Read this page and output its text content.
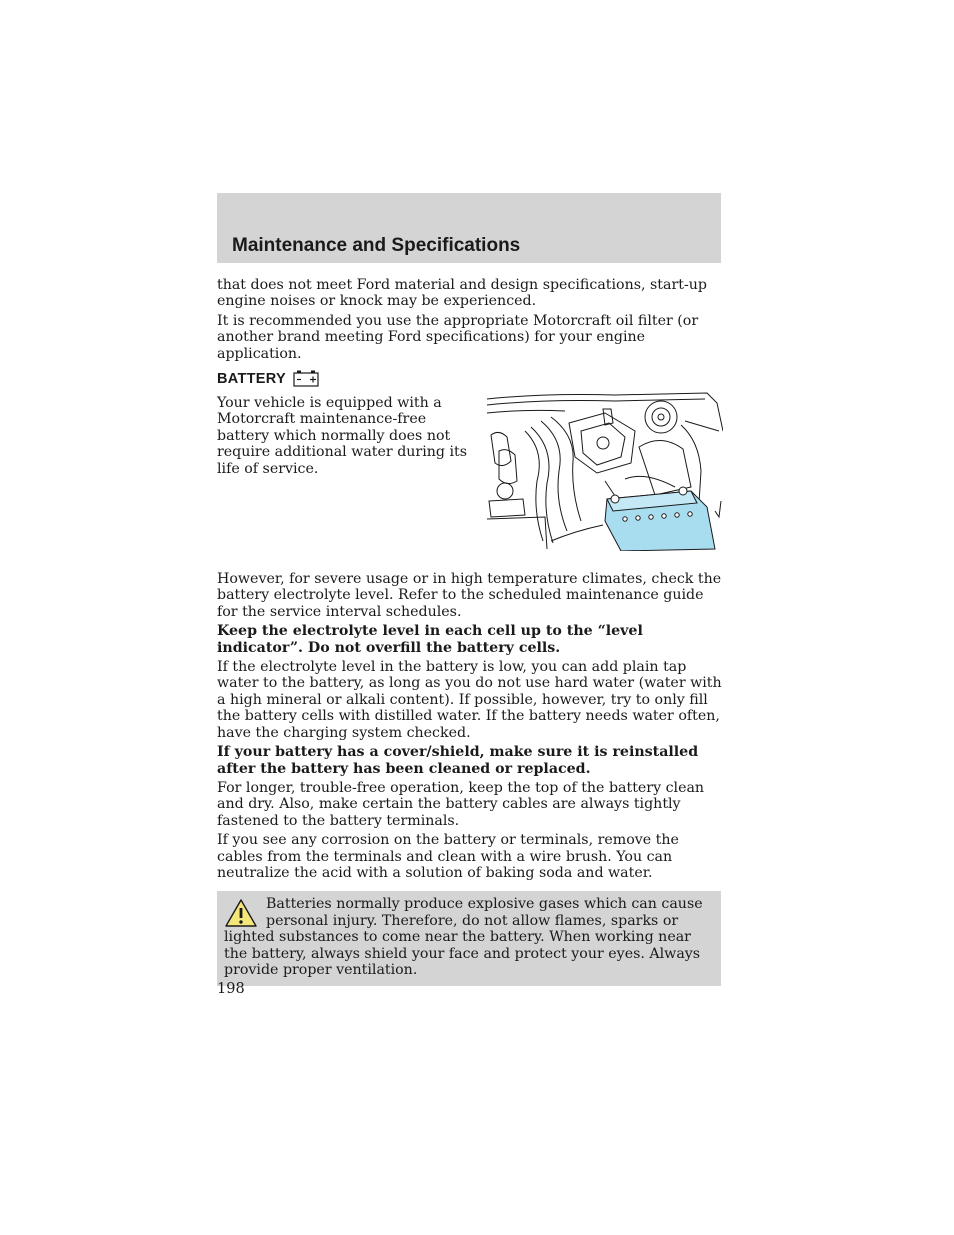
Maintenance and Specifications

that does not meet Ford material and design specifications, start-up engine noises or knock may be experienced.

It is recommended you use the appropriate Motorcraft oil filter (or another brand meeting Ford specifications) for your engine application.

BATTERY

Your vehicle is equipped with a Motorcraft maintenance-free battery which normally does not require additional water during its life of service.

However, for severe usage or in high temperature climates, check the battery electrolyte level. Refer to the scheduled maintenance guide for the service interval schedules.

Keep the electrolyte level in each cell up to the “level indicator”. Do not overfill the battery cells.

If the electrolyte level in the battery is low, you can add plain tap water to the battery, as long as you do not use hard water (water with a high mineral or alkali content). If possible, however, try to only fill the battery cells with distilled water. If the battery needs water often, have the charging system checked.

If your battery has a cover/shield, make sure it is reinstalled after the battery has been cleaned or replaced.

For longer, trouble-free operation, keep the top of the battery clean and dry. Also, make certain the battery cables are always tightly fastened to the battery terminals.

If you see any corrosion on the battery or terminals, remove the cables from the terminals and clean with a wire brush. You can neutralize the acid with a solution of baking soda and water.

Batteries normally produce explosive gases which can cause personal injury. Therefore, do not allow flames, sparks or lighted substances to come near the battery. When working near the battery, always shield your face and protect your eyes. Always provide proper ventilation.

198
